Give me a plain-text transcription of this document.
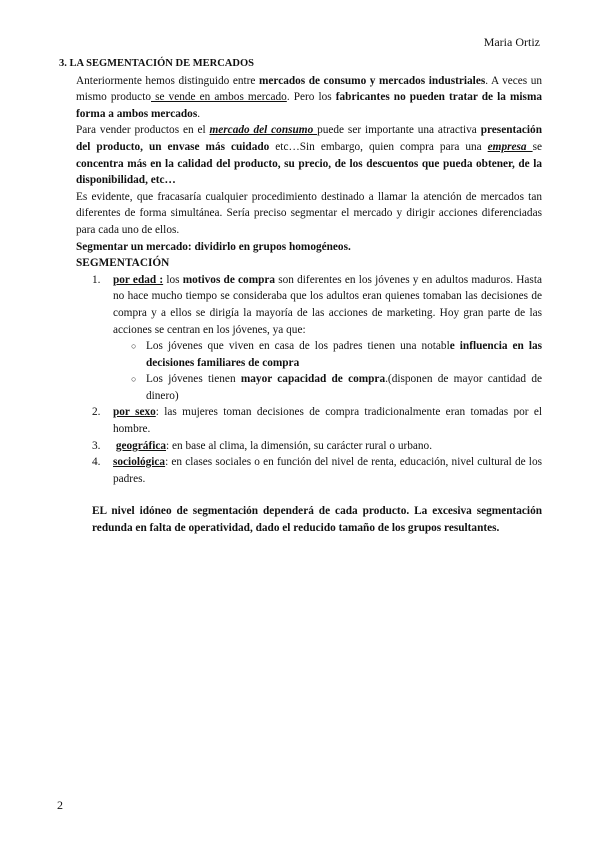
Maria Ortiz

3. LA SEGMENTACIÓN DE MERCADOS

Anteriormente hemos distinguido entre mercados de consumo y mercados industriales. A veces un mismo producto se vende en ambos mercado. Pero los fabricantes no pueden tratar de la misma forma a ambos mercados.

Para vender productos en el mercado del consumo puede ser importante una atractiva presentación del producto, un envase más cuidado etc…Sin embargo, quien compra para una empresa se concentra más en la calidad del producto, su precio, de los descuentos que pueda obtener, de la disponibilidad, etc…

Es evidente, que fracasaría cualquier procedimiento destinado a llamar la atención de mercados tan diferentes de forma simultánea. Sería preciso segmentar el mercado y dirigir acciones diferenciadas para cada uno de ellos.

Segmentar un mercado: dividirlo en grupos homogéneos.

SEGMENTACIÓN

1. por edad : los motivos de compra son diferentes en los jóvenes y en adultos maduros. Hasta no hace mucho tiempo se consideraba que los adultos eran quienes tomaban las decisiones de compra y a ellos se dirigía la mayoría de las acciones de marketing. Hoy gran parte de las acciones se centran en los jóvenes, ya que:
○ Los jóvenes que viven en casa de los padres tienen una notable influencia en las decisiones familiares de compra
○ Los jóvenes tienen mayor capacidad de compra.(disponen de mayor cantidad de dinero)
2. por sexo: las mujeres toman decisiones de compra tradicionalmente eran tomadas por el hombre.
3. geográfica: en base al clima, la dimensión, su carácter rural o urbano.
4. sociológica: en clases sociales o en función del nivel de renta, educación, nivel cultural de los padres.

EL nivel idóneo de segmentación dependerá de cada producto. La excesiva segmentación redunda en falta de operatividad, dado el reducido tamaño de los grupos resultantes.

2
